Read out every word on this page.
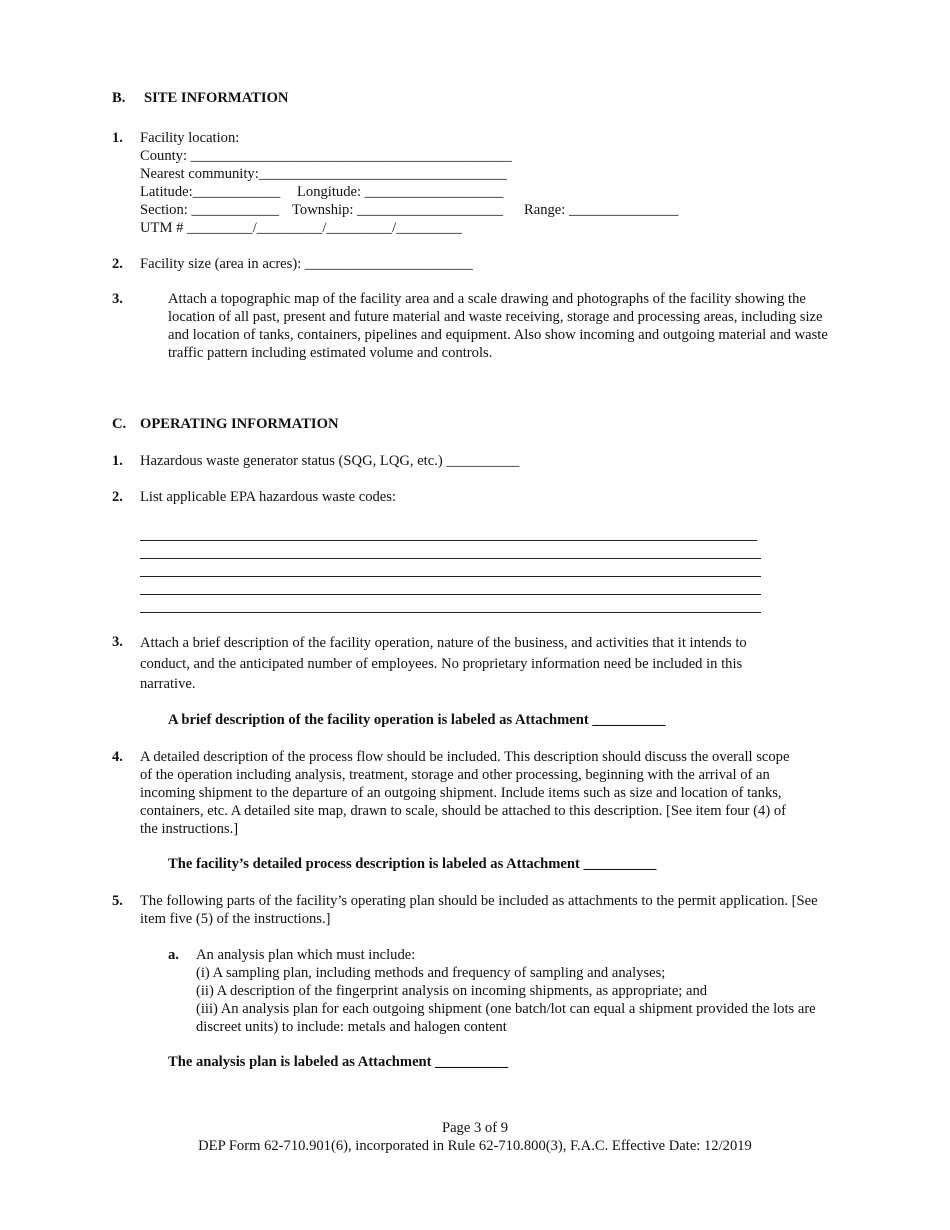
B. SITE INFORMATION
1. Facility location:
County: ____________________________________________
Nearest community:__________________________________
Latitude:____________ Longitude: ___________________
Section: ____________ Township: ____________________ Range: _______________
UTM # _________/_________/_________/_________
2. Facility size (area in acres): _______________________
3.	Attach a topographic map of the facility area and a scale drawing and photographs of the facility showing the location of all past, present and future material and waste receiving, storage and processing areas, including size and location of tanks, containers, pipelines and equipment. Also show incoming and outgoing material and waste traffic pattern including estimated volume and controls.
C. OPERATING INFORMATION
1. Hazardous waste generator status (SQG, LQG, etc.) __________
2. List applicable EPA hazardous waste codes:
3. Attach a brief description of the facility operation, nature of the business, and activities that it intends to conduct, and the anticipated number of employees. No proprietary information need be included in this narrative.
A brief description of the facility operation is labeled as Attachment __________
4. A detailed description of the process flow should be included. This description should discuss the overall scope of the operation including analysis, treatment, storage and other processing, beginning with the arrival of an incoming shipment to the departure of an outgoing shipment. Include items such as size and location of tanks, containers, etc. A detailed site map, drawn to scale, should be attached to this description. [See item four (4) of the instructions.]
The facility’s detailed process description is labeled as Attachment __________
5. The following parts of the facility’s operating plan should be included as attachments to the permit application. [See item five (5) of the instructions.]
a. An analysis plan which must include:
(i) A sampling plan, including methods and frequency of sampling and analyses;
(ii) A description of the fingerprint analysis on incoming shipments, as appropriate; and
(iii) An analysis plan for each outgoing shipment (one batch/lot can equal a shipment provided the lots are discreet units) to include: metals and halogen content
The analysis plan is labeled as Attachment __________
Page 3 of 9
DEP Form 62-710.901(6), incorporated in Rule 62-710.800(3), F.A.C. Effective Date: 12/2019
